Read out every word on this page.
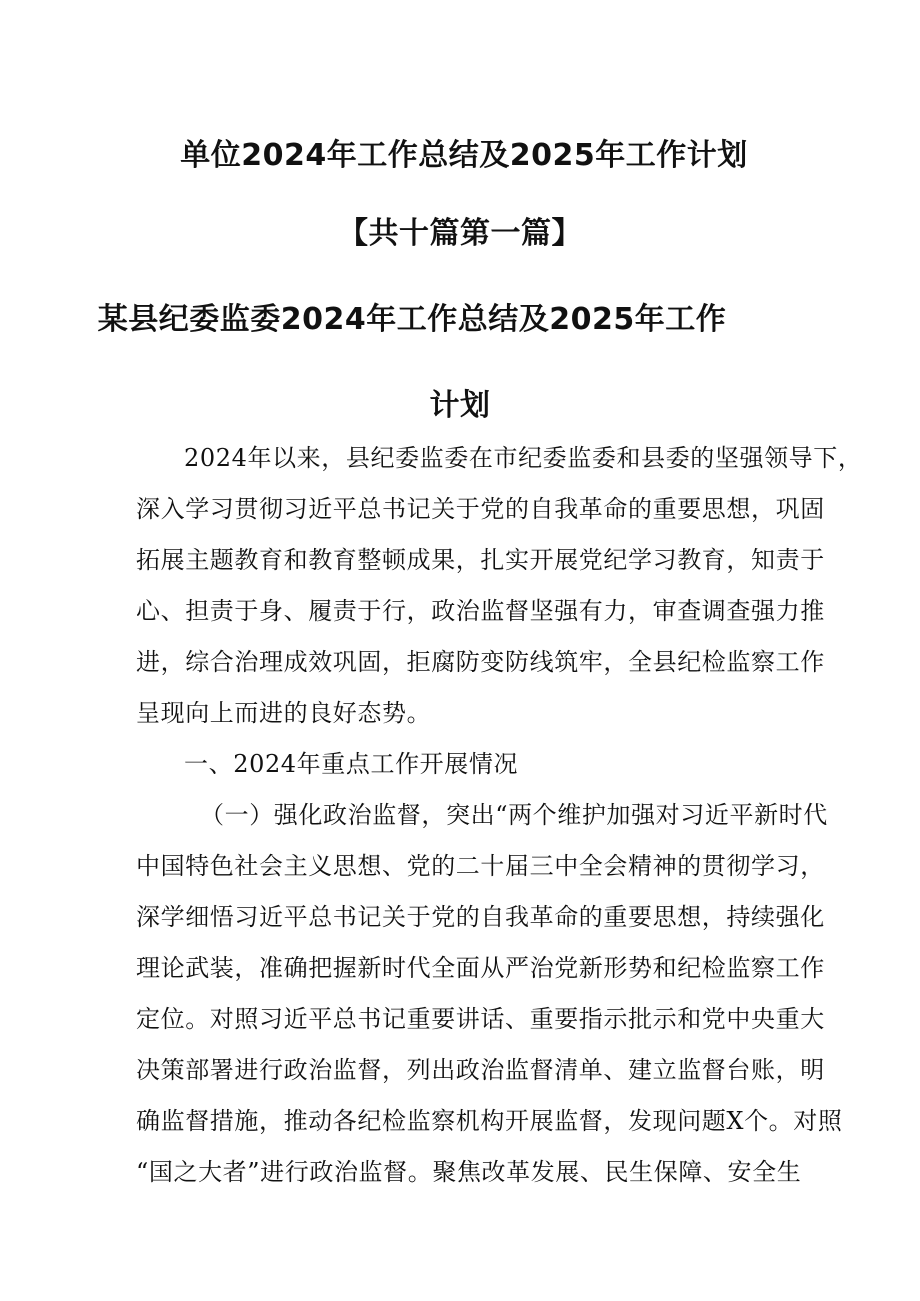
单位2024年工作总结及2025年工作计划
【共十篇第一篇】
某县纪委监委2024年工作总结及2025年工作
计划
2024年以来，县纪委监委在市纪委监委和县委的坚强领导下，
深入学习贯彻习近平总书记关于党的自我革命的重要思想，巩固
拓展主题教育和教育整顿成果，扎实开展党纪学习教育，知责于
心、担责于身、履责于行，政治监督坚强有力，审查调查强力推
进，综合治理成效巩固，拒腐防变防线筑牢，全县纪检监察工作
呈现向上而进的良好态势。
一、2024年重点工作开展情况
（一）强化政治监督，突出“两个维护加强对习近平新时代
中国特色社会主义思想、党的二十届三中全会精神的贯彻学习，
深学细悟习近平总书记关于党的自我革命的重要思想，持续强化
理论武装，准确把握新时代全面从严治党新形势和纪检监察工作
定位。对照习近平总书记重要讲话、重要指示批示和党中央重大
决策部署进行政治监督，列出政治监督清单、建立监督台账，明
确监督措施，推动各纪检监察机构开展监督，发现问题X个。对照
“国之大者”进行政治监督。聚焦改革发展、民生保障、安全生
